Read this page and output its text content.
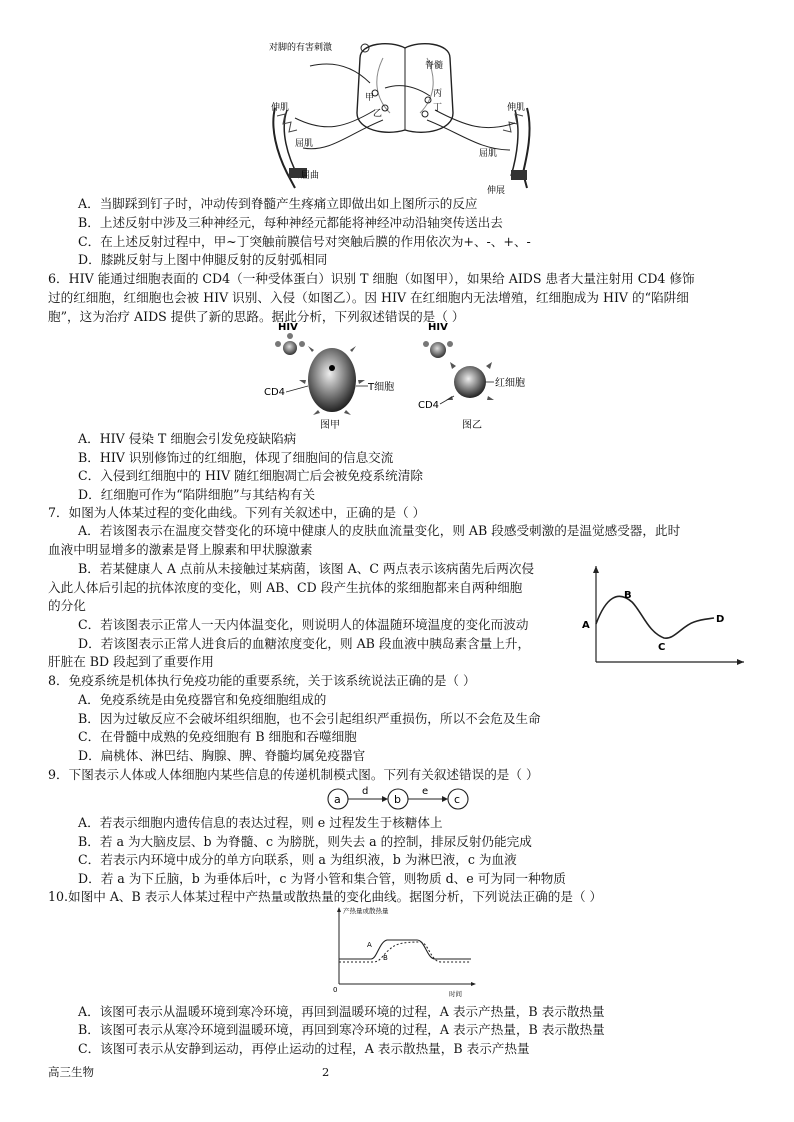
对脚的有害刺激
脊髓
甲
乙
丙
丁
伸肌
屈肌
屈曲
伸肌
屈肌
伸展
A．当脚踩到钉子时，冲动传到脊髓产生疼痛立即做出如上图所示的反应
B．上述反射中涉及三种神经元，每种神经元都能将神经冲动沿轴突传送出去
C．在上述反射过程中，甲~丁突触前膜信号对突触后膜的作用依次为+、-、+、-
D．膝跳反射与上图中伸腿反射的反射弧相同
6．HIV 能通过细胞表面的 CD4（一种受体蛋白）识别 T 细胞（如图甲），如果给 AIDS 患者大量注射用 CD4 修饰
过的红细胞，红细胞也会被 HIV 识别、入侵（如图乙）。因 HIV 在红细胞内无法增殖，红细胞成为 HIV 的“陷阱细
胞”，这为治疗 AIDS 提供了新的思路。据此分析，下列叙述错误的是（ ）
HIV
CD4	T细胞
图甲
HIV
红细胞
CD4
图乙
A．HIV 侵染 T 细胞会引发免疫缺陷病
B．HIV 识别修饰过的红细胞，体现了细胞间的信息交流
C．入侵到红细胞中的 HIV 随红细胞凋亡后会被免疫系统清除
D．红细胞可作为“陷阱细胞”与其结构有关
7．如图为人体某过程的变化曲线。下列有关叙述中，正确的是（ ）
A．若该图表示在温度交替变化的环境中健康人的皮肤血流量变化，则 AB 段感受刺激的是温觉感受器，此时
血液中明显增多的激素是肾上腺素和甲状腺激素
B．若某健康人 A 点前从未接触过某病菌，该图 A、C 两点表示该病菌先后两次侵
入此人体后引起的抗体浓度的变化，则 AB、CD 段产生抗体的浆细胞都来自两种细胞
的分化
C．若该图表示正常人一天内体温变化，则说明人的体温随环境温度的变化而波动
D．若该图表示正常人进食后的血糖浓度变化，则 AB 段血液中胰岛素含量上升，
肝脏在 BD 段起到了重要作用
A
B
C
D
8．免疫系统是机体执行免疫功能的重要系统，关于该系统说法正确的是（ ）
A．免疫系统是由免疫器官和免疫细胞组成的
B．因为过敏反应不会破坏组织细胞，也不会引起组织严重损伤，所以不会危及生命
C．在骨髓中成熟的免疫细胞有 B 细胞和吞噬细胞
D．扁桃体、淋巴结、胸腺、脾、脊髓均属免疫器官
9．下图表示人体或人体细胞内某些信息的传递机制模式图。下列有关叙述错误的是（ ）
a
d
b
e
c
A．若表示细胞内遗传信息的表达过程，则 e 过程发生于核糖体上
B．若 a 为大脑皮层、b 为脊髓、c 为膀胱，则失去 a 的控制，排尿反射仍能完成
C．若表示内环境中成分的单方向联系，则 a 为组织液，b 为淋巴液，c 为血液
D．若 a 为下丘脑，b 为垂体后叶，c 为肾小管和集合管，则物质 d、e 可为同一种物质
10.如图中 A、B 表示人体某过程中产热量或散热量的变化曲线。据图分析，下列说法正确的是（ ）
产热量或散热量
时间
0
A
B
A．该图可表示从温暖环境到寒冷环境，再回到温暖环境的过程，A 表示产热量，B 表示散热量
B．该图可表示从寒冷环境到温暖环境，再回到寒冷环境的过程，A 表示产热量，B 表示散热量
C．该图可表示从安静到运动，再停止运动的过程，A 表示散热量，B 表示产热量
高三生物	2
